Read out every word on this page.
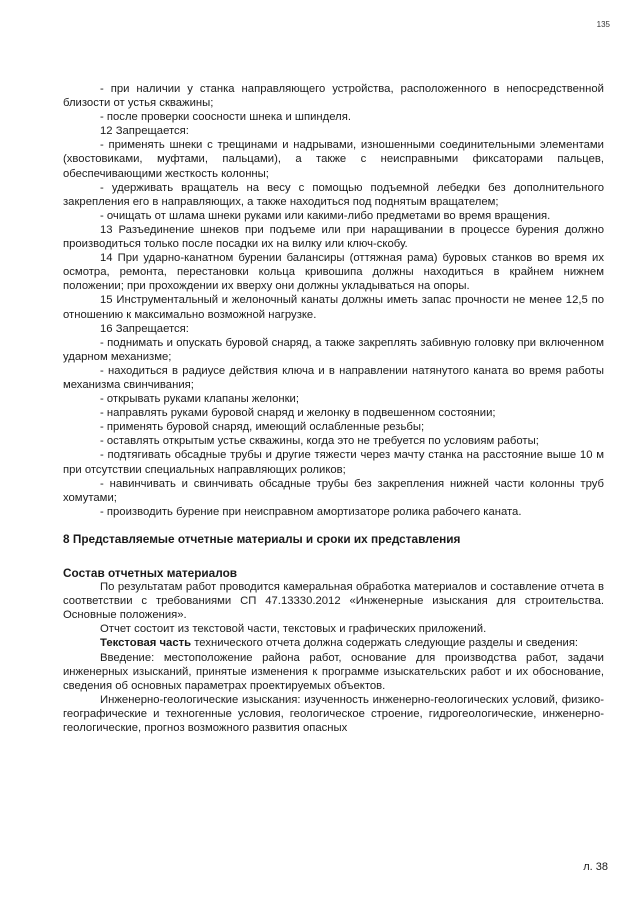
135

- при наличии у станка направляющего устройства, расположенного в непосредственной близости от устья скважины;

- после проверки соосности шнека и шпинделя.

12 Запрещается:

- применять шнеки с трещинами и надрывами, изношенными соединительными элементами (хвостовиками, муфтами, пальцами), а также с неисправными фиксаторами пальцев, обеспечивающими жесткость колонны;

- удерживать вращатель на весу с помощью подъемной лебедки без дополнительного закрепления его в направляющих, а также находиться под поднятым вращателем;

- очищать от шлама шнеки руками или какими-либо предметами во время вращения.

13 Разъединение шнеков при подъеме или при наращивании в процессе бурения должно производиться только после посадки их на вилку или ключ-скобу.

14 При ударно-канатном бурении балансиры (оттяжная рама) буровых станков во время их осмотра, ремонта, перестановки кольца кривошипа должны находиться в крайнем нижнем положении; при прохождении их вверху они должны укладываться на опоры.

15 Инструментальный и желоночный канаты должны иметь запас прочности не менее 12,5 по отношению к максимально возможной нагрузке.

16 Запрещается:

- поднимать и опускать буровой снаряд, а также закреплять забивную головку при включенном ударном механизме;

- находиться в радиусе действия ключа и в направлении натянутого каната во время работы механизма свинчивания;

- открывать руками клапаны желонки;

- направлять руками буровой снаряд и желонку в подвешенном состоянии;

- применять буровой снаряд, имеющий ослабленные резьбы;

- оставлять открытым устье скважины, когда это не требуется по условиям работы;

- подтягивать обсадные трубы и другие тяжести через мачту станка на расстояние выше 10 м при отсутствии специальных направляющих роликов;

- навинчивать и свинчивать обсадные трубы без закрепления нижней части колонны труб хомутами;

- производить бурение при неисправном амортизаторе ролика рабочего каната.

8 Представляемые отчетные материалы и сроки их представления

Состав отчетных материалов

По результатам работ проводится камеральная обработка материалов и составление отчета в соответствии с требованиями СП 47.13330.2012 «Инженерные изыскания для строительства. Основные положения».

Отчет состоит из текстовой части, текстовых и графических приложений.

Текстовая часть технического отчета должна содержать следующие разделы и сведения:

Введение: местоположение района работ, основание для производства работ, задачи инженерных изысканий, принятые изменения к программе изыскательских работ и их обоснование, сведения об основных параметрах проектируемых объектов.

Инженерно-геологические изыскания: изученность инженерно-геологических условий, физико-географические и техногенные условия, геологическое строение, гидрогеологические, инженерно-геологические, прогноз возможного развития опасных

л. 38
